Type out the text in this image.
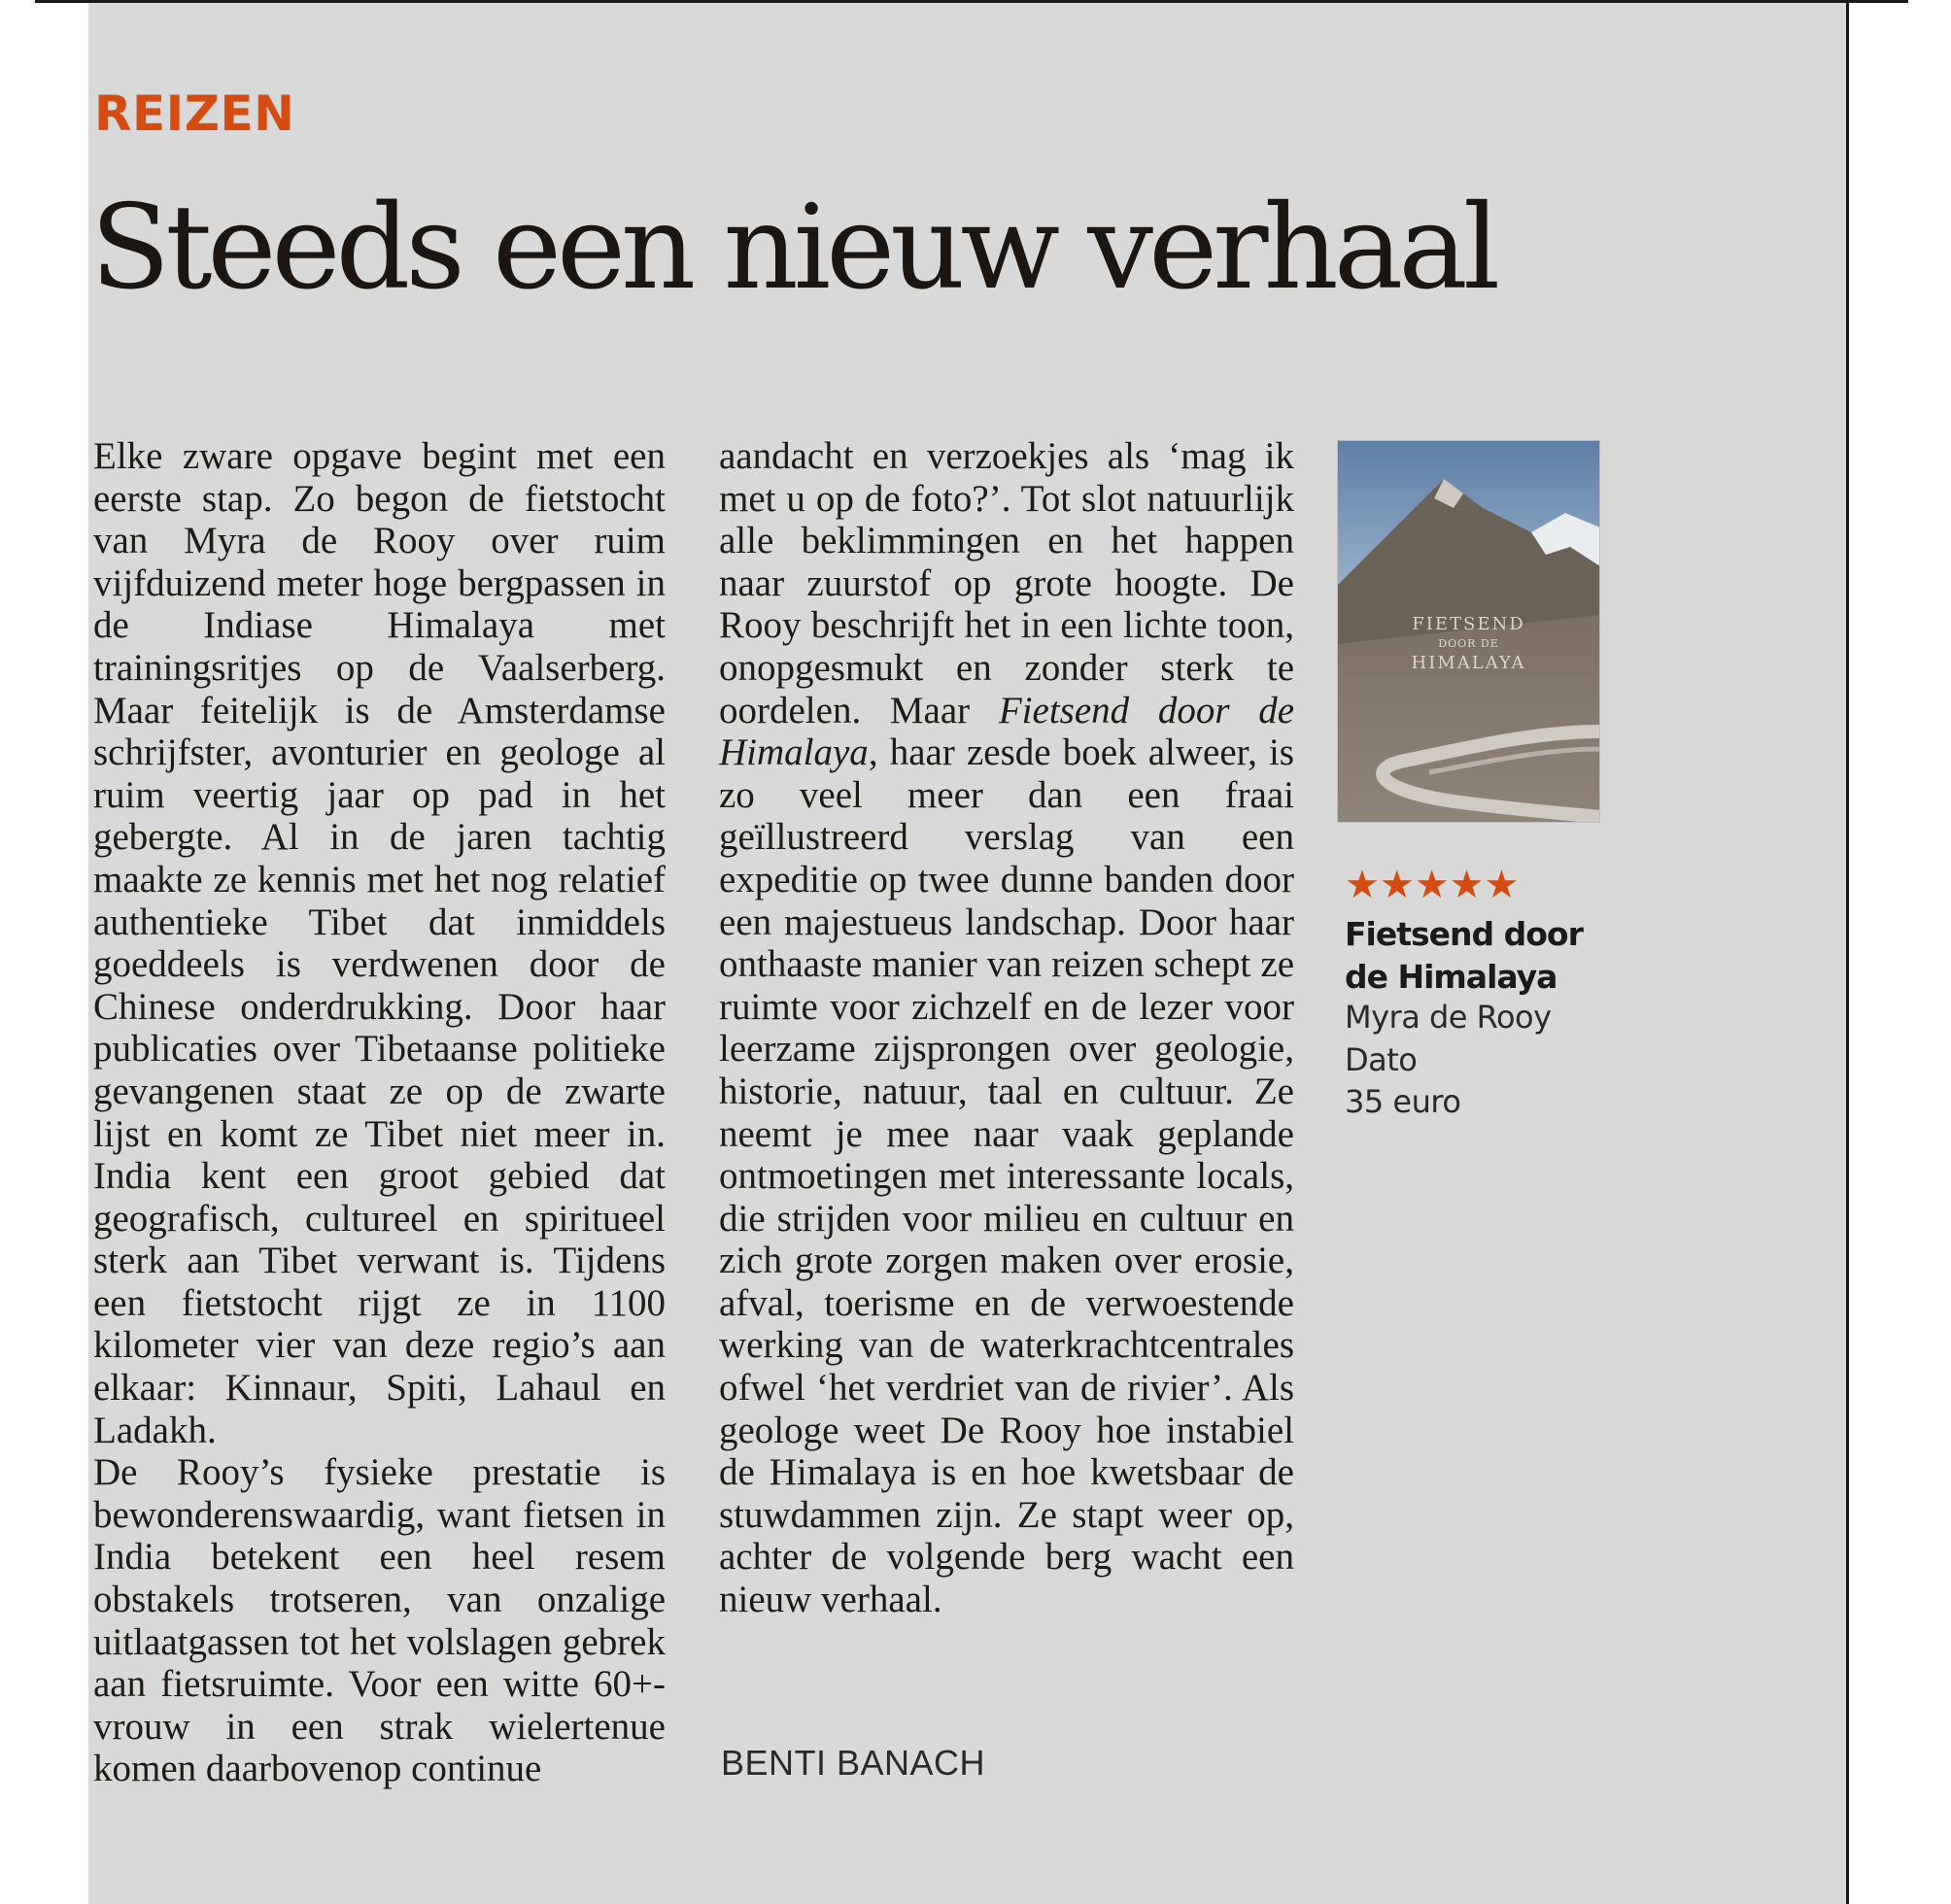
REIZEN
Steeds een nieuw verhaal

Elke zware opgave begint met een eerste stap. Zo begon de fietstocht van Myra de Rooy over ruim vijfduizend meter hoge bergpassen in de Indiase Himalaya met trainingsritjes op de Vaalserberg. Maar feitelijk is de Amsterdamse schrijfster, avonturier en geologe al ruim veertig jaar op pad in het gebergte. Al in de jaren tachtig maakte ze kennis met het nog relatief authentieke Tibet dat inmiddels goeddeels is verdwenen door de Chinese onderdrukking. Door haar publicaties over Tibetaanse politieke gevangenen staat ze op de zwarte lijst en komt ze Tibet niet meer in. India kent een groot gebied dat geografisch, cultureel en spiritueel sterk aan Tibet verwant is. Tijdens een fietstocht rijgt ze in 1100 kilometer vier van deze regio’s aan elkaar: Kinnaur, Spiti, Lahaul en Ladakh.

De Rooy’s fysieke prestatie is bewonderenswaardig, want fietsen in India betekent een heel resem obstakels trotseren, van onzalige uitlaatgassen tot het volslagen gebrek aan fietsruimte. Voor een witte 60+-vrouw in een strak wielertenue komen daarbovenop continue

aandacht en verzoekjes als ‘mag ik met u op de foto?’. Tot slot natuurlijk alle beklimmingen en het happen naar zuurstof op grote hoogte. De Rooy beschrijft het in een lichte toon, onopgesmukt en zonder sterk te oordelen. Maar Fietsend door de Himalaya, haar zesde boek alweer, is zo veel meer dan een fraai geïllustreerd verslag van een expeditie op twee dunne banden door een majestueus landschap. Door haar onthaaste manier van reizen schept ze ruimte voor zichzelf en de lezer voor leerzame zijsprongen over geologie, historie, natuur, taal en cultuur. Ze neemt je mee naar vaak geplande ontmoetingen met interessante locals, die strijden voor milieu en cultuur en zich grote zorgen maken over erosie, afval, toerisme en de verwoestende werking van de waterkrachtcentrales ofwel ‘het verdriet van de rivier’. Als geologe weet De Rooy hoe instabiel de Himalaya is en hoe kwetsbaar de stuwdammen zijn. Ze stapt weer op, achter de volgende berg wacht een nieuw verhaal.

BENTI BANACH

FIETSEND
DOOR DE
HIMALAYA
★★★★★
Fietsend door
de Himalaya
Myra de Rooy
Dato
35 euro
